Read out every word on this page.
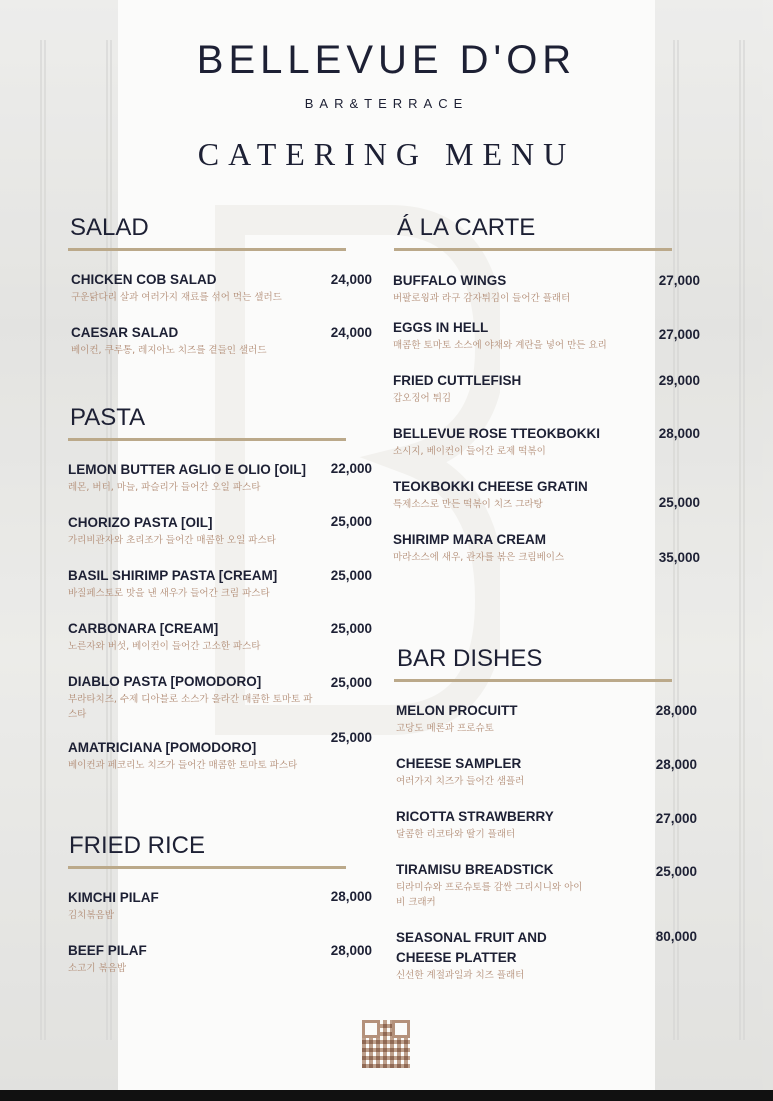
BELLEVUE D'OR
BAR&TERRACE
CATERING MENU
SALAD
CHICKEN COB SALAD
구운닭다리 살과 여러가지 재료를 섞어 먹는 샐러드
24,000
CAESAR SALAD
베이컨, 쿠루통, 레지아노 치즈를 곁들인 샐러드
24,000
PASTA
LEMON BUTTER AGLIO E OLIO [OIL]
레몬, 버터, 마늘, 파슬리가 들어간 오일 파스타
22,000
CHORIZO PASTA [OIL]
가리비관자와 초리조가 들어간 매콤한 오일 파스타
25,000
BASIL SHIRIMP PASTA [CREAM]
바질페스토로 맛을 낸 새우가 들어간 크림 파스타
25,000
CARBONARA [CREAM]
노른자와 버섯, 베이컨이 들어간 고소한 파스타
25,000
DIABLO PASTA [POMODORO]
부라타치즈, 수제 디아블로 소스가 올라간 매콤한 토마토 파스타
25,000
AMATRICIANA [POMODORO]
베이컨과 페코리노 치즈가 들어간 매콤한 토마토 파스타
25,000
FRIED RICE
KIMCHI PILAF
김치볶음밥
28,000
BEEF PILAF
소고기 볶음밥
28,000
Á LA CARTE
BUFFALO WINGS
버팔로윙과 라구 감자튀김이 들어간 플래터
27,000
EGGS IN HELL
매콤한 토마토 소스에 야채와 계란을 넣어 만든 요리
27,000
FRIED CUTTLEFISH
갑오징어 튀김
29,000
BELLEVUE ROSE TTEOKBOKKI
소시지, 베이컨이 들어간 로제 떡볶이
28,000
TEOKBOKKI CHEESE GRATIN
특제소스로 만든 떡볶이 치즈 그라탕	25,000
SHIRIMP MARA CREAM
마라소스에 새우, 관자를 볶은 크림베이스	35,000
BAR DISHES
MELON PROCUITT
고당도 메론과 프로슈토
28,000
CHEESE SAMPLER
여러가지 치즈가 들어간 샘플러
28,000
RICOTTA STRAWBERRY
달콤한 리코타와 딸기 플래터
27,000
TIRAMISU BREADSTICK
티라미슈와 프로슈토를 감싼 그리시니와 아이비 크래커
25,000
SEASONAL FRUIT AND CHEESE PLATTER
신선한 계절과일과 치즈 플래터
80,000
